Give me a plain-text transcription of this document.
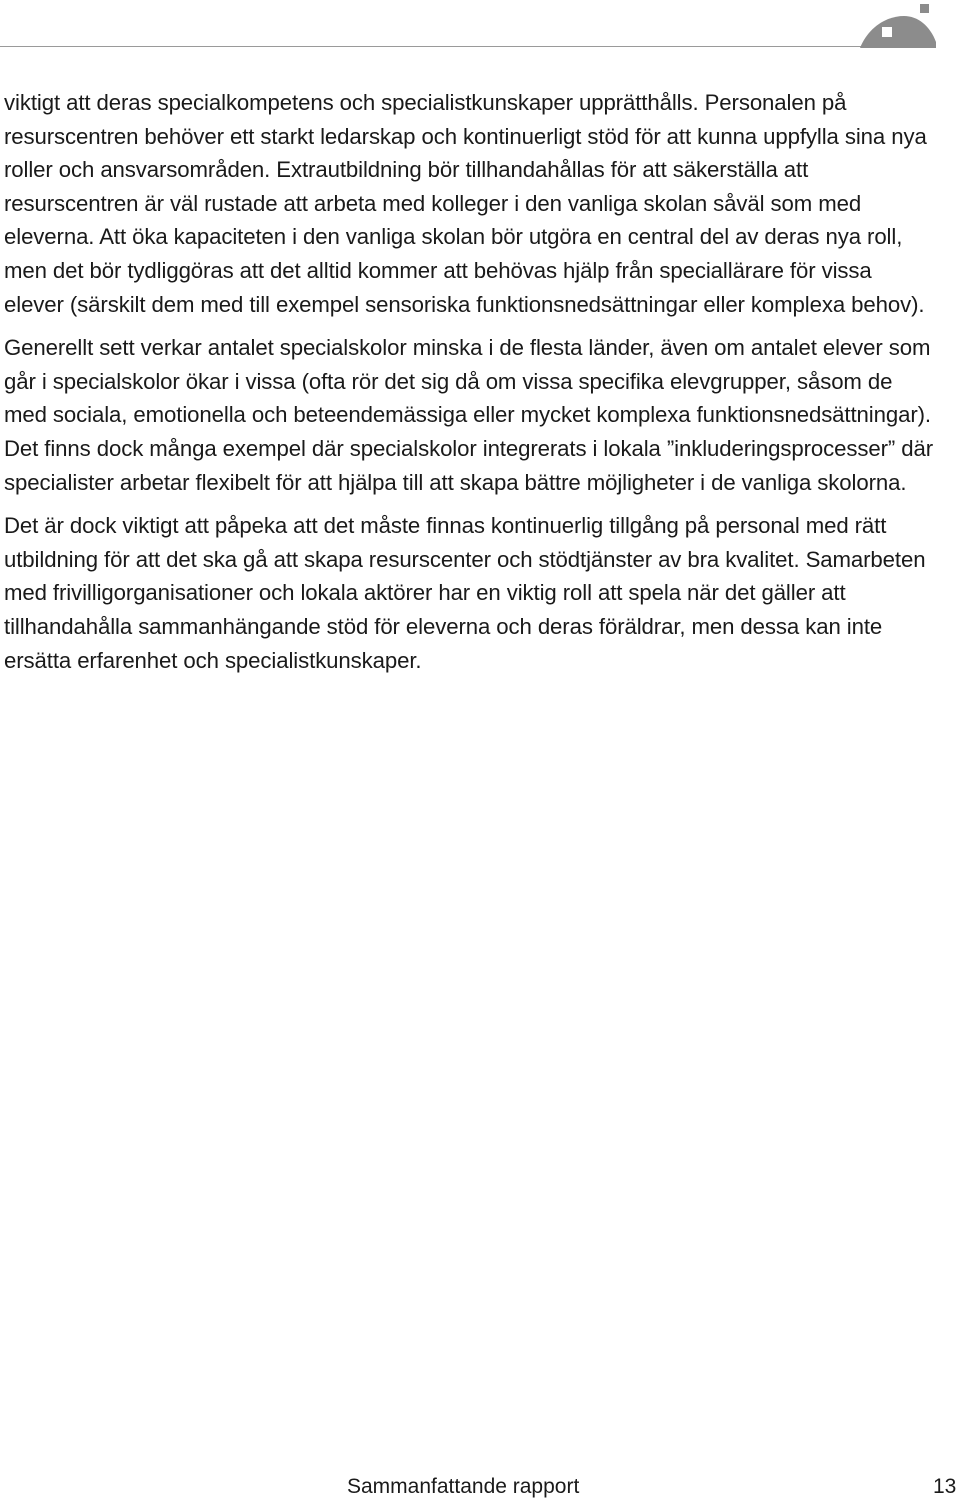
viktigt att deras specialkompetens och specialistkunskaper upprätthålls. Personalen på resurscentren behöver ett starkt ledarskap och kontinuerligt stöd för att kunna uppfylla sina nya roller och ansvarsområden. Extrautbildning bör tillhandahållas för att säkerställa att resurscentren är väl rustade att arbeta med kolleger i den vanliga skolan såväl som med eleverna. Att öka kapaciteten i den vanliga skolan bör utgöra en central del av deras nya roll, men det bör tydliggöras att det alltid kommer att behövas hjälp från speciallärare för vissa elever (särskilt dem med till exempel sensoriska funktionsnedsättningar eller komplexa behov).

Generellt sett verkar antalet specialskolor minska i de flesta länder, även om antalet elever som går i specialskolor ökar i vissa (ofta rör det sig då om vissa specifika elevgrupper, såsom de med sociala, emotionella och beteendemässiga eller mycket komplexa funktionsnedsättningar). Det finns dock många exempel där specialskolor integrerats i lokala ”inkluderingsprocesser” där specialister arbetar flexibelt för att hjälpa till att skapa bättre möjligheter i de vanliga skolorna.

Det är dock viktigt att påpeka att det måste finnas kontinuerlig tillgång på personal med rätt utbildning för att det ska gå att skapa resurscenter och stödtjänster av bra kvalitet. Samarbeten med frivilligorganisationer och lokala aktörer har en viktig roll att spela när det gäller att tillhandahålla sammanhängande stöd för eleverna och deras föräldrar, men dessa kan inte ersätta erfarenhet och specialistkunskaper.

Sammanfattande rapport	13
